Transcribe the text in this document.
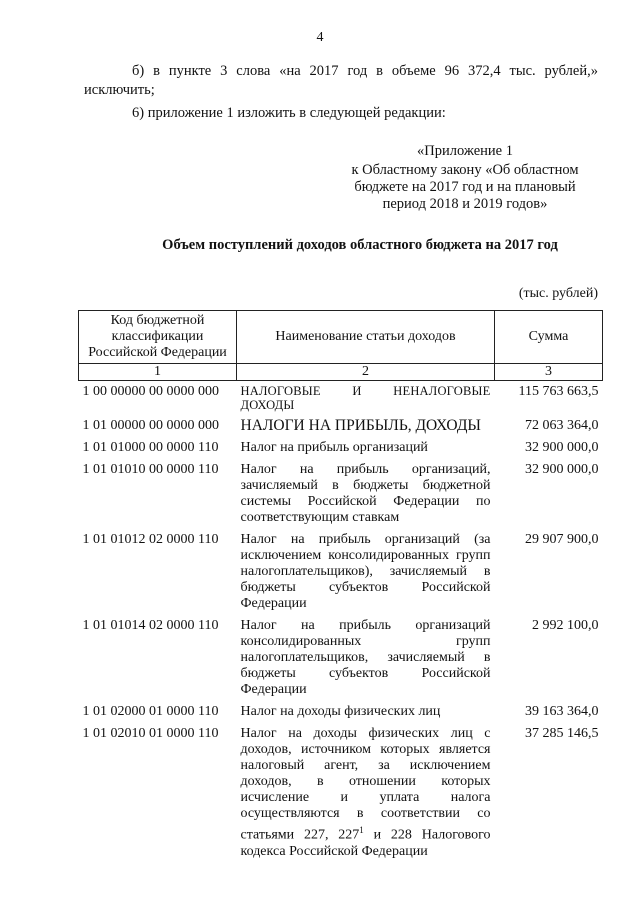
4
б) в пункте 3 слова «на 2017 год в объеме 96 372,4 тыс. рублей,» исключить;
6) приложение 1 изложить в следующей редакции:
«Приложение 1
к Областному закону «Об областном
бюджете на 2017 год и на плановый
период 2018 и 2019 годов»
Объем поступлений доходов областного бюджета на 2017 год
(тыс. рублей)
Код бюджетной классификации Российской Федерации	Наименование статьи доходов	Сумма
1	2	3
1 00 00000 00 0000 000	НАЛОГОВЫЕ И НЕНАЛОГОВЫЕ ДОХОДЫ	115 763 663,5
1 01 00000 00 0000 000	НАЛОГИ НА ПРИБЫЛЬ, ДОХОДЫ	72 063 364,0
1 01 01000 00 0000 110	Налог на прибыль организаций	32 900 000,0
1 01 01010 00 0000 110	Налог на прибыль организаций, зачисляемый в бюджеты бюджетной системы Российской Федерации по соответствующим ставкам	32 900 000,0
1 01 01012 02 0000 110	Налог на прибыль организаций (за исключением консолидированных групп налогоплательщиков), зачисляемый в бюджеты субъектов Российской Федерации	29 907 900,0
1 01 01014 02 0000 110	Налог на прибыль организаций консолидированных групп налогоплательщиков, зачисляемый в бюджеты субъектов Российской Федерации	2 992 100,0
1 01 02000 01 0000 110	Налог на доходы физических лиц	39 163 364,0
1 01 02010 01 0000 110	Налог на доходы физических лиц с доходов, источником которых является налоговый агент, за исключением доходов, в отношении которых исчисление и уплата налога осуществляются в соответствии со статьями 227, $227^1$ и 228 Налогового кодекса Российской Федерации	37 285 146,5
